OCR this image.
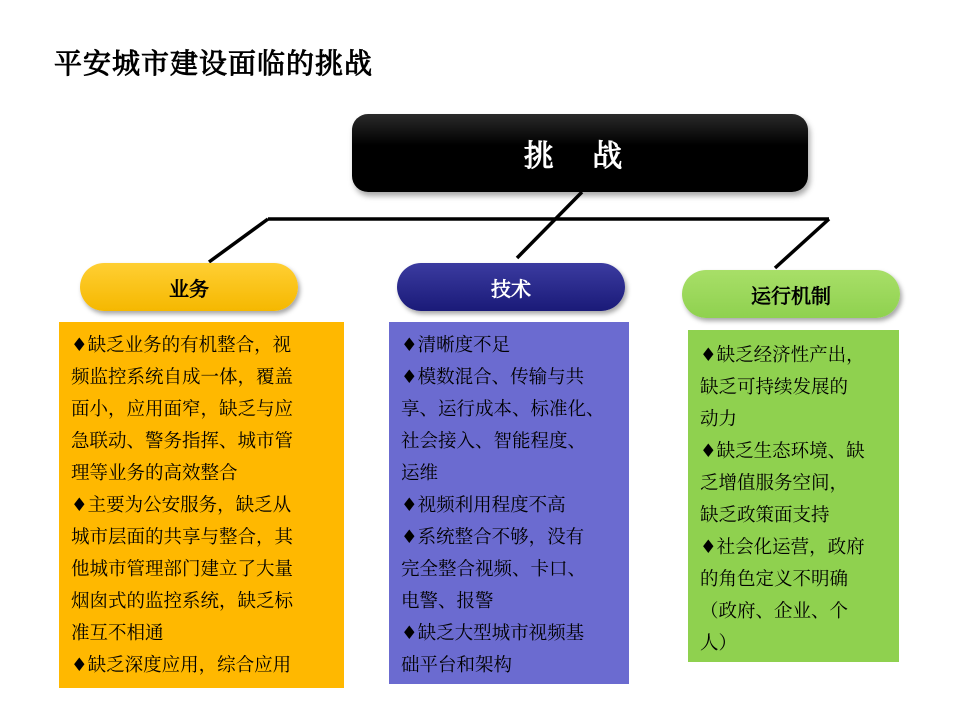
平安城市建设面临的挑战
挑 战
业务	技术	运行机制
♦缺乏业务的有机整合，视
频监控系统自成一体，覆盖
面小，应用面窄，缺乏与应
急联动、警务指挥、城市管
理等业务的高效整合
♦主要为公安服务，缺乏从
城市层面的共享与整合，其
他城市管理部门建立了大量
烟囱式的监控系统，缺乏标
准互不相通
♦缺乏深度应用，综合应用
♦清晰度不足
♦模数混合、传输与共
享、运行成本、标准化、
社会接入、智能程度、
运维
♦视频利用程度不高
♦系统整合不够，没有
完全整合视频、卡口、
电警、报警
♦缺乏大型城市视频基
础平台和架构
♦缺乏经济性产出，
缺乏可持续发展的
动力
♦缺乏生态环境、缺
乏增值服务空间，
缺乏政策面支持
♦社会化运营，政府
的角色定义不明确
（政府、企业、个
人）
